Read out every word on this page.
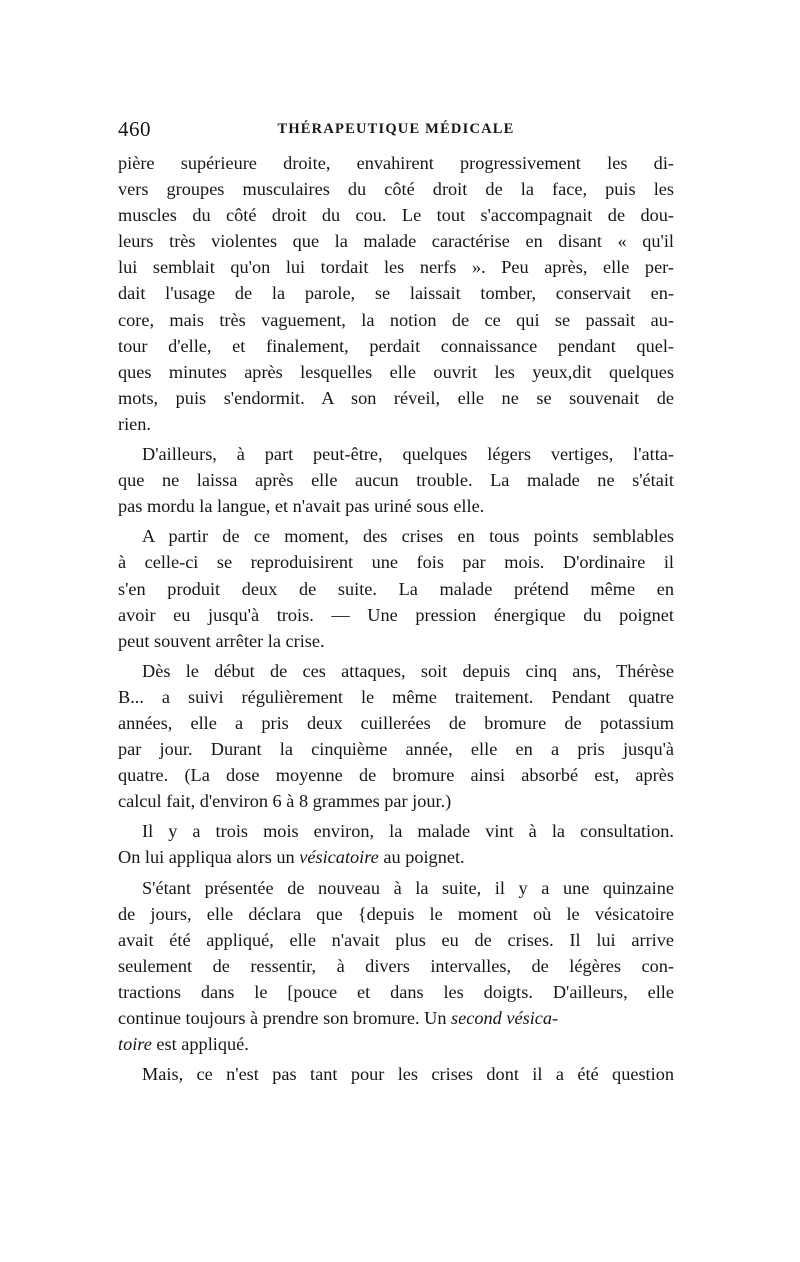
460	THÉRAPEUTIQUE MÉDICALE
pière supérieure droite, envahirent progressivement les di-
vers groupes musculaires du côté droit de la face, puis les
muscles du côté droit du cou. Le tout s'accompagnait de dou-
leurs très violentes que la malade caractérise en disant « qu'il
lui semblait qu'on lui tordait les nerfs ». Peu après, elle per-
dait l'usage de la parole, se laissait tomber, conservait en-
core, mais très vaguement, la notion de ce qui se passait au-
tour d'elle, et finalement, perdait connaissance pendant quel-
ques minutes après lesquelles elle ouvrit les yeux,dit quelques
mots, puis s'endormit. A son réveil, elle ne se souvenait de
rien.
D'ailleurs, à part peut-être, quelques légers vertiges, l'atta-
que ne laissa après elle aucun trouble. La malade ne s'était
pas mordu la langue, et n'avait pas uriné sous elle.
A partir de ce moment, des crises en tous points semblables
à celle-ci se reproduisirent une fois par mois. D'ordinaire il
s'en produit deux de suite. La malade prétend même en
avoir eu jusqu'à trois. — Une pression énergique du poignet
peut souvent arrêter la crise.
Dès le début de ces attaques, soit depuis cinq ans, Thérèse
B... a suivi régulièrement le même traitement. Pendant quatre
années, elle a pris deux cuillerées de bromure de potassium
par jour. Durant la cinquième année, elle en a pris jusqu'à
quatre. (La dose moyenne de bromure ainsi absorbé est, après
calcul fait, d'environ 6 à 8 grammes par jour.)
Il y a trois mois environ, la malade vint à la consultation.
On lui appliqua alors un vésicatoire au poignet.
S'étant présentée de nouveau à la suite, il y a une quinzaine
de jours, elle déclara que {depuis le moment où le vésicatoire
avait été appliqué, elle n'avait plus eu de crises. Il lui arrive
seulement de ressentir, à divers intervalles, de légères con-
tractions dans le [pouce et dans les doigts. D'ailleurs, elle
continue toujours à prendre son bromure. Un second vésica-
toire est appliqué.
Mais, ce n'est pas tant pour les crises dont il a été question
